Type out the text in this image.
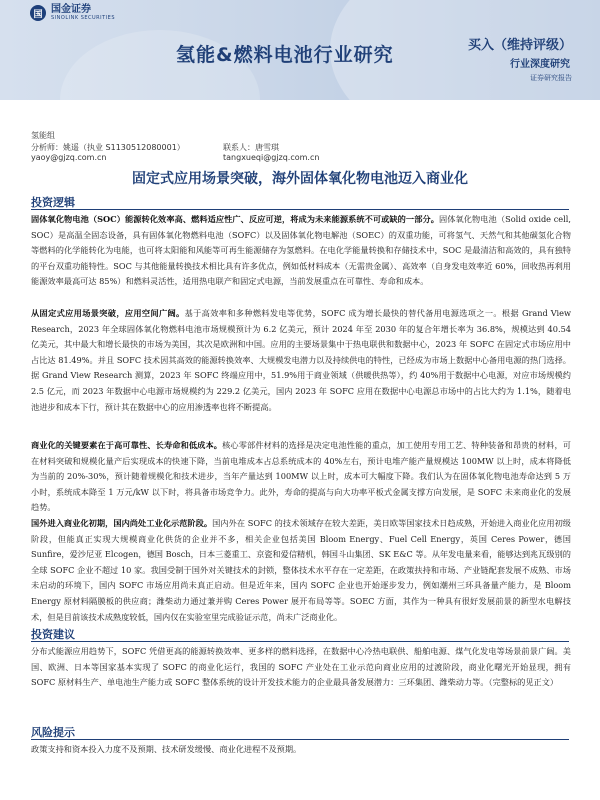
国 国金证券
SINOLINK SECURITIES
氢能&燃料电池行业研究	买入（维持评级）
行业深度研究
证券研究报告
氢能组
分析师：姚遥（执业 S1130512080001）	联系人：唐雪琪
yaoy@gjzq.com.cn	tangxueqi@gjzq.com.cn
固定式应用场景突破，海外固体氧化物电池迈入商业化
投资逻辑

固体氧化物电池（SOC）能源转化效率高、燃料适应性广、反应可逆，将成为未来能源系统不可或缺的一部分。固体氧化物电池（Solid oxide cell, SOC）是高温全固态设备，具有固体氧化物燃料电池（SOFC）以及固体氧化物电解池（SOEC）的双重功能，可将氢气、天然气和其他碳氢化合物等燃料的化学能转化为电能，也可将太阳能和风能等可再生能源储存为氢燃料。在电化学能量转换和存储技术中，SOC 是最清洁和高效的，具有独特的平台双重功能特性。SOC 与其他能量转换技术相比具有许多优点，例如低材料成本（无需贵金属）、高效率（自身发电效率近 60%，回收热再利用能源效率最高可达 85%）和燃料灵活性，适用热电联产和固定式电源，当前发展重点在可靠性、寿命和成本。

从固定式应用场景突破，应用空间广阔。基于高效率和多种燃料发电等优势，SOFC 成为增长最快的替代备用电源选项之一。根据 Grand View Research，2023 年全球固体氧化物燃料电池市场规模预计为 6.2 亿美元，预计 2024 年至 2030 年的复合年增长率为 36.8%，规模达到 40.54 亿美元，其中最大和增长最快的市场为美国，其次是欧洲和中国。应用的主要场景集中于热电联供和数据中心，2023 年 SOFC 在固定式市场应用中占比达 81.49%。并且 SOFC 技术因其高效的能源转换效率、大规模发电潜力以及持续供电的特性，已经成为市场上数据中心备用电源的热门选择。据 Grand View Research 测算，2023 年 SOFC 终端应用中，51.9%用于商业领域（供暖供热等），约 40%用于数据中心电源，对应市场规模约 2.5 亿元，而 2023 年数据中心电源市场规模约为 229.2 亿美元，国内 2023 年 SOFC 应用在数据中心电源总市场中的占比大约为 1.1%，随着电池进步和成本下行，预计其在数据中心的应用渗透率也将不断提高。

商业化的关键要素在于高可靠性、长寿命和低成本。核心零部件材料的选择是决定电池性能的重点，加工使用专用工艺、特种装备和昂贵的材料，可在材料突破和规模化量产后实现成本的快速下降，当前电堆成本占总系统成本的 40%左右，预计电堆产能产量规模达 100MW 以上时，成本将降低为当前的 20%-30%，预计随着规模化和技术进步，当年产量达到 100MW 以上时，成本可大幅度下降。我们认为在固体氧化物电池寿命达到 5 万小时，系统成本降至 1 万元/kW 以下时，将具备市场竞争力。此外，寿命的提高与向大功率平板式金属支撑方向发展，是 SOFC 未来商业化的发展趋势。

国外进入商业化初期，国内尚处工业化示范阶段。国内外在 SOFC 的技术领域存在较大差距，美日欧等国家技术日趋成熟，开始进入商业化应用初级阶段，但能真正实现大规模商业化供货的企业并不多，相关企业包括美国 Bloom Energy、Fuel Cell Energy，英国 Ceres Power，德国 Sunfire，爱沙尼亚 Elcogen，德国 Bosch，日本三菱重工、京瓷和爱信精机，韩国斗山集团、SK E&C 等。从年发电量来看，能够达到兆瓦级别的全球 SOFC 企业不超过 10 家。我国受制于国外对关键技术的封锁，整体技术水平存在一定差距，在政策扶持和市场、产业链配套发展不成熟、市场未启动的环境下，国内 SOFC 市场应用尚未真正启动。但是近年来，国内 SOFC 企业也开始逐步发力，例如潮州三环具备量产能力，是 Bloom Energy 原材料隔膜板的供应商；潍柴动力通过兼并购 Ceres Power 展开布局等等。SOEC 方面，其作为一种具有很好发展前景的新型水电解技术，但是目前该技术成熟度较低，国内仅在实验室里完成验证示范，尚未广泛商业化。

投资建议

分布式能源应用趋势下，SOFC 凭借更高的能源转换效率、更多样的燃料选择，在数据中心冷热电联供、船舶电源、煤气化发电等场景前景广阔。美国、欧洲、日本等国家基本实现了 SOFC 的商业化运行，我国的 SOFC 产业处在工业示范向商业应用的过渡阶段，商业化曙光开始显现，拥有 SOFC 原材料生产、单电池生产能力或 SOFC 整体系统的设计开发技术能力的企业最具备发展潜力：三环集团、潍柴动力等。（完整标的见正文）

风险提示

政策支持和资本投入力度不及预期、技术研发缓慢、商业化进程不及预期。
